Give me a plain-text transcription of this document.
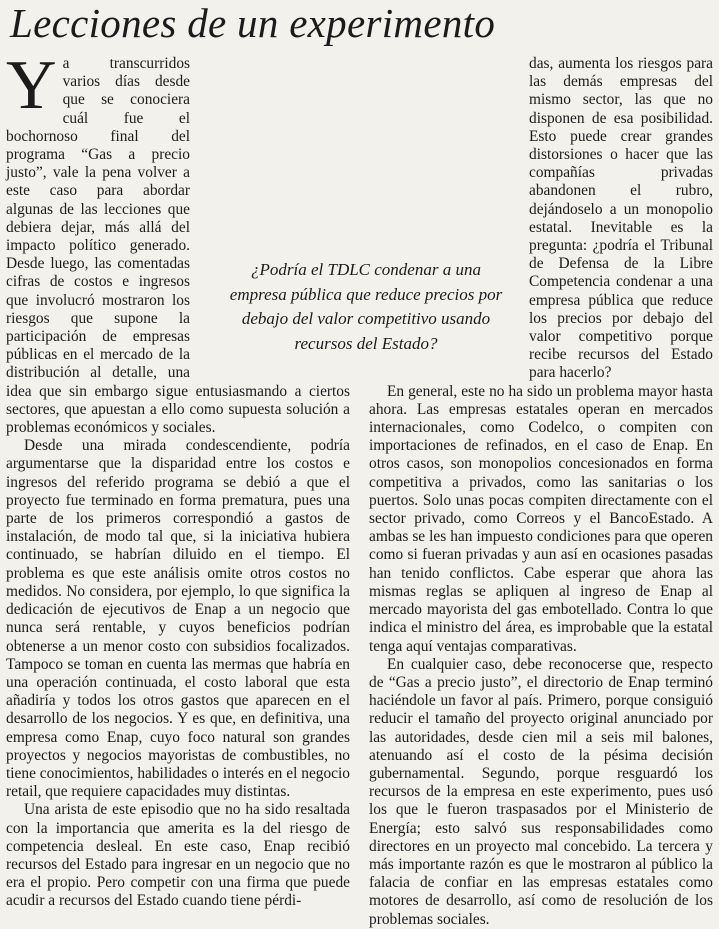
Lecciones de un experimento

Ya transcurridos varios días desde que se conociera cuál fue el bochornoso final del programa “Gas a precio justo”, vale la pena volver a este caso para abordar algunas de las lecciones que debiera dejar, más allá del impacto político generado. Desde luego, las comentadas cifras de costos e ingresos que involucró mostraron los riesgos que supone la participación de empresas públicas en el mercado de la distribución al detalle, una idea que sin embargo sigue entusiasmando a ciertos sectores, que apuestan a ello como supuesta solución a problemas económicos y sociales.

Desde una mirada condescendiente, podría argumentarse que la disparidad entre los costos e ingresos del referido programa se debió a que el proyecto fue terminado en forma prematura, pues una parte de los primeros correspondió a gastos de instalación, de modo tal que, si la iniciativa hubiera continuado, se habrían diluido en el tiempo. El problema es que este análisis omite otros costos no medidos. No considera, por ejemplo, lo que significa la dedicación de ejecutivos de Enap a un negocio que nunca será rentable, y cuyos beneficios podrían obtenerse a un menor costo con subsidios focalizados. Tampoco se toman en cuenta las mermas que habría en una operación continuada, el costo laboral que esta añadiría y todos los otros gastos que aparecen en el desarrollo de los negocios. Y es que, en definitiva, una empresa como Enap, cuyo foco natural son grandes proyectos y negocios mayoristas de combustibles, no tiene conocimientos, habilidades o interés en el negocio retail, que requiere capacidades muy distintas.

Una arista de este episodio que no ha sido resaltada con la importancia que amerita es la del riesgo de competencia desleal. En este caso, Enap recibió recursos del Estado para ingresar en un negocio que no era el propio. Pero competir con una firma que puede acudir a recursos del Estado cuando tiene pérdi-

das, aumenta los riesgos para las demás empresas del mismo sector, las que no disponen de esa posibilidad. Esto puede crear grandes distorsiones o hacer que las compañías privadas abandonen el rubro, dejándoselo a un monopolio estatal. Inevitable es la pregunta: ¿podría el Tribunal de Defensa de la Libre Competencia condenar a una empresa pública que reduce los precios por debajo del valor competitivo porque recibe recursos del Estado para hacerlo?

En general, este no ha sido un problema mayor hasta ahora. Las empresas estatales operan en mercados internacionales, como Codelco, o compiten con importaciones de refinados, en el caso de Enap. En otros casos, son monopolios concesionados en forma competitiva a privados, como las sanitarias o los puertos. Solo unas pocas compiten directamente con el sector privado, como Correos y el BancoEstado. A ambas se les han impuesto condiciones para que operen como si fueran privadas y aun así en ocasiones pasadas han tenido conflictos. Cabe esperar que ahora las mismas reglas se apliquen al ingreso de Enap al mercado mayorista del gas embotellado. Contra lo que indica el ministro del área, es improbable que la estatal tenga aquí ventajas comparativas.

En cualquier caso, debe reconocerse que, respecto de “Gas a precio justo”, el directorio de Enap terminó haciéndole un favor al país. Primero, porque consiguió reducir el tamaño del proyecto original anunciado por las autoridades, desde cien mil a seis mil balones, atenuando así el costo de la pésima decisión gubernamental. Segundo, porque resguardó los recursos de la empresa en este experimento, pues usó los que le fueron traspasados por el Ministerio de Energía; esto salvó sus responsabilidades como directores en un proyecto mal concebido. La tercera y más importante razón es que le mostraron al público la falacia de confiar en las empresas estatales como motores de desarrollo, así como de resolución de los problemas sociales.

¿Podría el TDLC condenar a una empresa pública que reduce precios por debajo del valor competitivo usando recursos del Estado?
